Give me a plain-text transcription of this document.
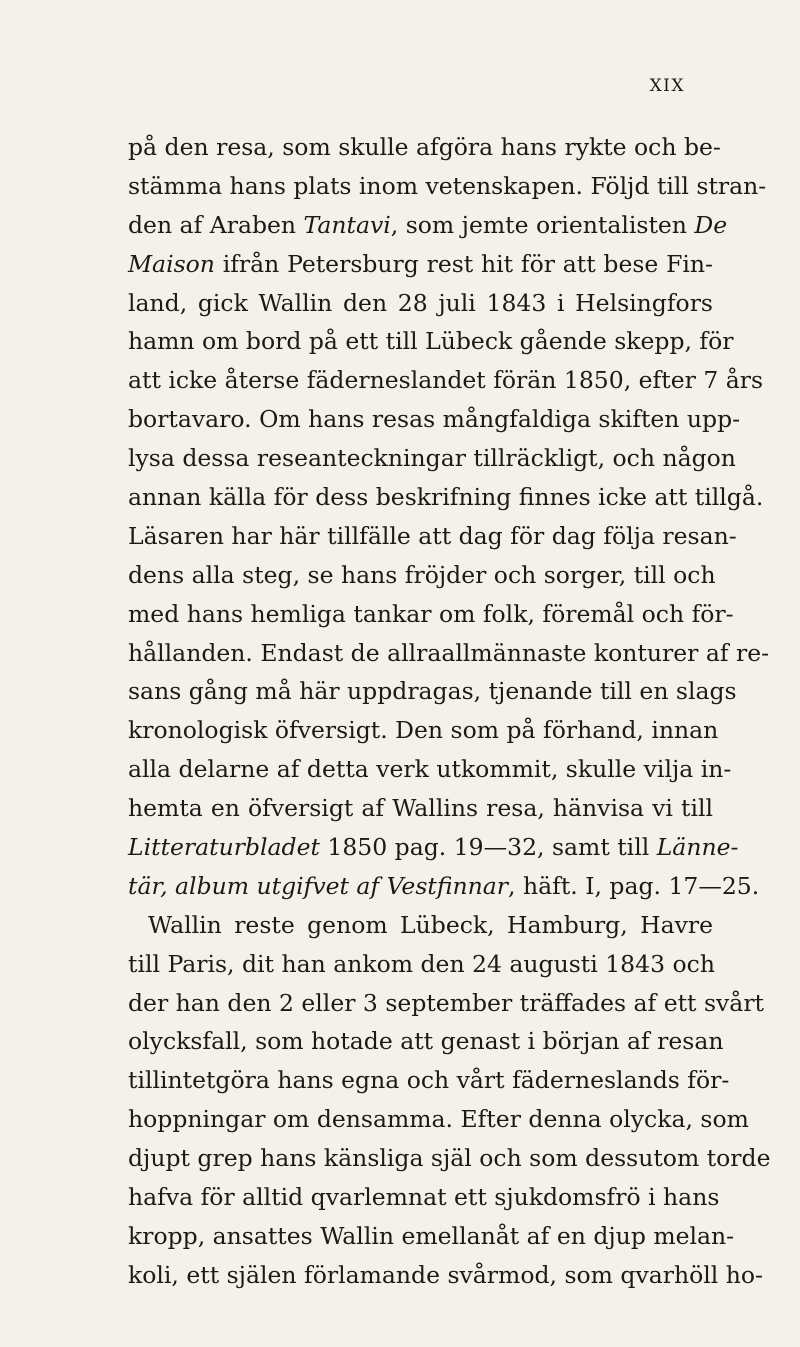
XIX
på den resa, som skulle afgöra hans rykte och be-
stämma hans plats inom vetenskapen. Följd till stran-
den af Araben Tantavi, som jemte orientalisten De
Maison ifrån Petersburg rest hit för att bese Fin-
land, gick Wallin den 28 juli 1843 i Helsingfors
hamn om bord på ett till Lübeck gående skepp, för
att icke återse fäderneslandet förän 1850, efter 7 års
bortavaro. Om hans resas mångfaldiga skiften upp-
lysa dessa reseanteckningar tillräckligt, och någon
annan källa för dess beskrifning finnes icke att tillgå.
Läsaren har här tillfälle att dag för dag följa resan-
dens alla steg, se hans fröjder och sorger, till och
med hans hemliga tankar om folk, föremål och för-
hållanden. Endast de allraallmännaste konturer af re-
sans gång må här uppdragas, tjenande till en slags
kronologisk öfversigt. Den som på förhand, innan
alla delarne af detta verk utkommit, skulle vilja in-
hemta en öfversigt af Wallins resa, hänvisa vi till
Litteraturbladet 1850 pag. 19—32, samt till Länne-
tär, album utgifvet af Vestfinnar, häft. I, pag. 17—25.
Wallin reste genom Lübeck, Hamburg, Havre
till Paris, dit han ankom den 24 augusti 1843 och
der han den 2 eller 3 september träffades af ett svårt
olycksfall, som hotade att genast i början af resan
tillintetgöra hans egna och vårt fäderneslands för-
hoppningar om densamma. Efter denna olycka, som
djupt grep hans känsliga själ och som dessutom torde
hafva för alltid qvarlemnat ett sjukdomsfrö i hans
kropp, ansattes Wallin emellanåt af en djup melan-
koli, ett själen förlamande svårmod, som qvarhöll ho-
